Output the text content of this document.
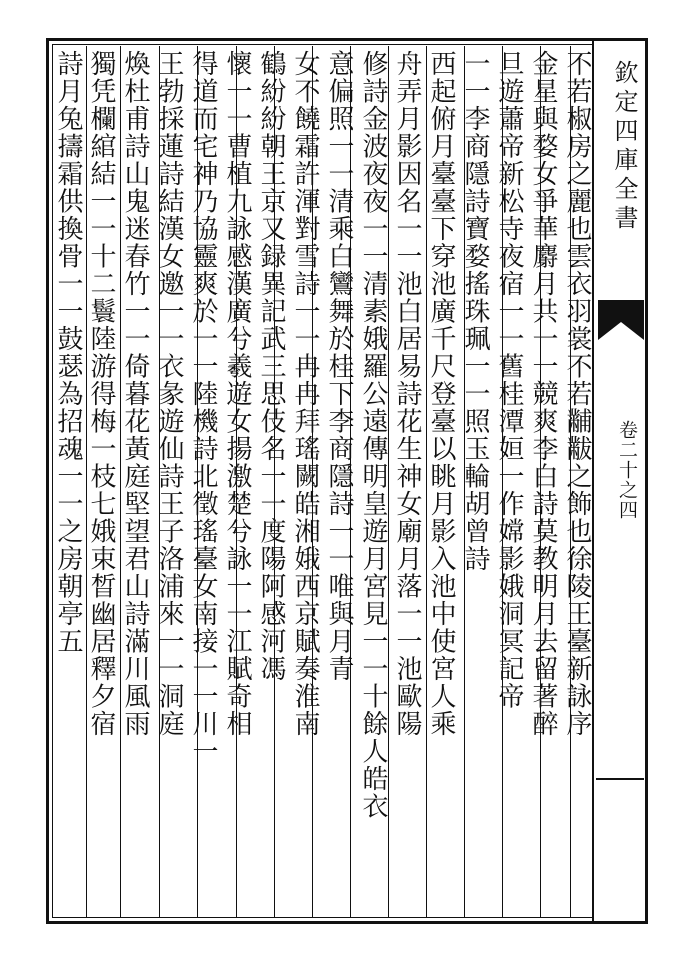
欽定四庫全書
卷二十之四
不若椒房之麗也雲衣羽裳不若黼黻之飾也徐陵王臺新詠序
金星與婺女爭華麝月共一一競爽李白詩莫教明月去留著醉
旦遊蕭帝新松寺夜宿一一舊桂潭姮一作嫦影娥洞冥記帝
一一李商隱詩寶婺搖珠珮一一照玉輪胡曾詩
西起俯月臺臺下穿池廣千尺登臺以眺月影入池中使宮人乘
舟弄月影因名一一池白居易詩花生神女廟月落一一池歐陽
修詩金波夜夜一一清素娥羅公遠傳明皇遊月宮見一一十餘人皓衣
意偏照一一清乘白鸞舞於桂下李商隱詩一一唯與月青
女不饒霜許渾對雪詩一一冉冉拜瑤闕皓湘娥西京賦奏淮南
鶴紛紛朝王京又録異記武三思伎名一一度陽阿感河馮
懷一一曹植九詠感漢廣兮羲遊女揚激楚兮詠一一江賦奇相
得道而宅神乃協靈爽於一一陸機詩北徵瑤臺女南接一一川一
王勃採蓮詩結漢女邀一一衣彖遊仙詩王子洛浦來一一洞庭
煥杜甫詩山鬼迷春竹一一倚暮花黃庭堅望君山詩滿川風雨
獨凭欄綰結一一十二鬟陸游得梅一枝七娥束晳幽居釋夕宿
詩月兔擣霜供換骨一一鼓瑟為招魂一一之房朝亭五
